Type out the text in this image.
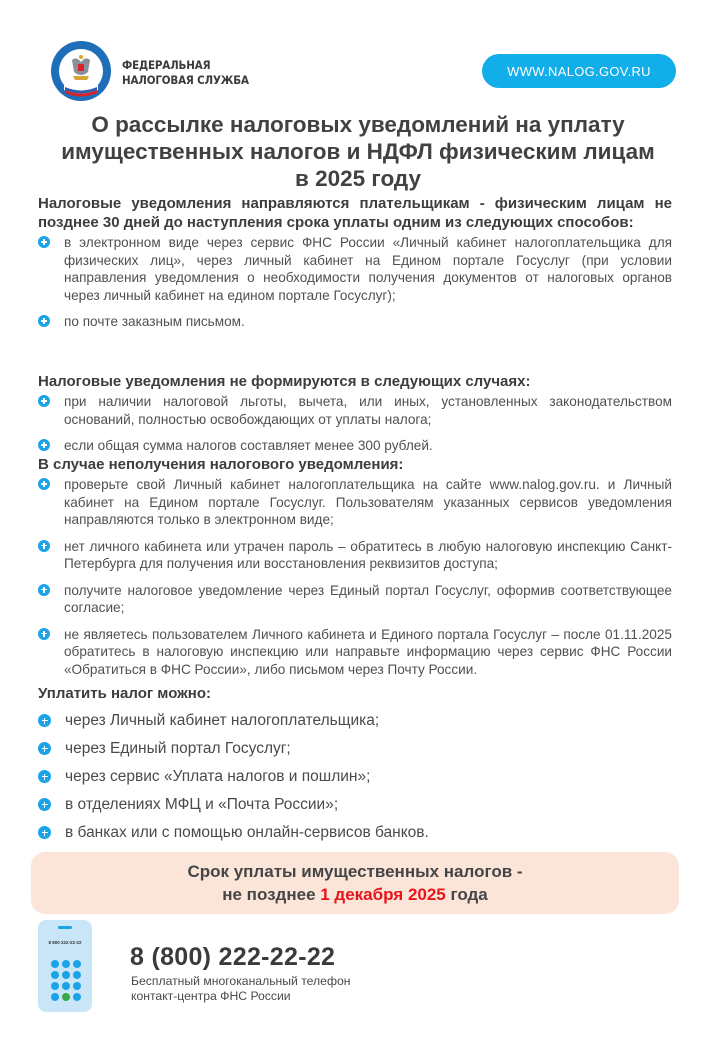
ФЕДЕРАЛЬНАЯ
НАЛОГОВАЯ СЛУЖБА
WWW.NALOG.GOV.RU
О рассылке налоговых уведомлений на уплату
имущественных налогов и НДФЛ физическим лицам
в 2025 году

Налоговые уведомления направляются плательщикам - физическим лицам не позднее 30 дней до наступления срока уплаты одним из следующих способов:

в электронном виде через сервис ФНС России «Личный кабинет налогоплательщика для физических лиц», через личный кабинет на Едином портале Госуслуг (при условии направления уведомления о необходимости получения документов от налоговых органов через личный кабинет на едином портале Госуслуг);
по почте заказным письмом.
Налоговые уведомления не формируются в следующих случаях:
при наличии налоговой льготы, вычета, или иных, установленных законодательством оснований, полностью освобождающих от уплаты налога;
если общая сумма налогов составляет менее 300 рублей.
В случае неполучения налогового уведомления:
проверьте свой Личный кабинет налогоплательщика на сайте www.nalog.gov.ru. и Личный кабинет на Едином портале Госуслуг. Пользователям указанных сервисов уведомления направляются только в электронном виде;
нет личного кабинета или утрачен пароль – обратитесь в любую налоговую инспекцию Санкт-Петербурга для получения или восстановления реквизитов доступа;
получите налоговое уведомление через Единый портал Госуслуг, оформив соответствующее согласие;
не являетесь пользователем Личного кабинета и Единого портала Госуслуг – после 01.11.2025 обратитесь в налоговую инспекцию или направьте информацию через сервис ФНС России «Обратиться в ФНС России», либо письмом через Почту России.
Уплатить налог можно:
через Личный кабинет налогоплательщика;
через Единый портал Госуслуг;
через сервис «Уплата налогов и пошлин»;
в отделениях МФЦ и «Почта России»;
в банках или с помощью онлайн-сервисов банков.
Срок уплаты имущественных налогов -
не позднее 1 декабря 2025 года
8 800 222-22-22
8 (800) 222-22-22
Бесплатный многоканальный телефон
контакт-центра ФНС России
